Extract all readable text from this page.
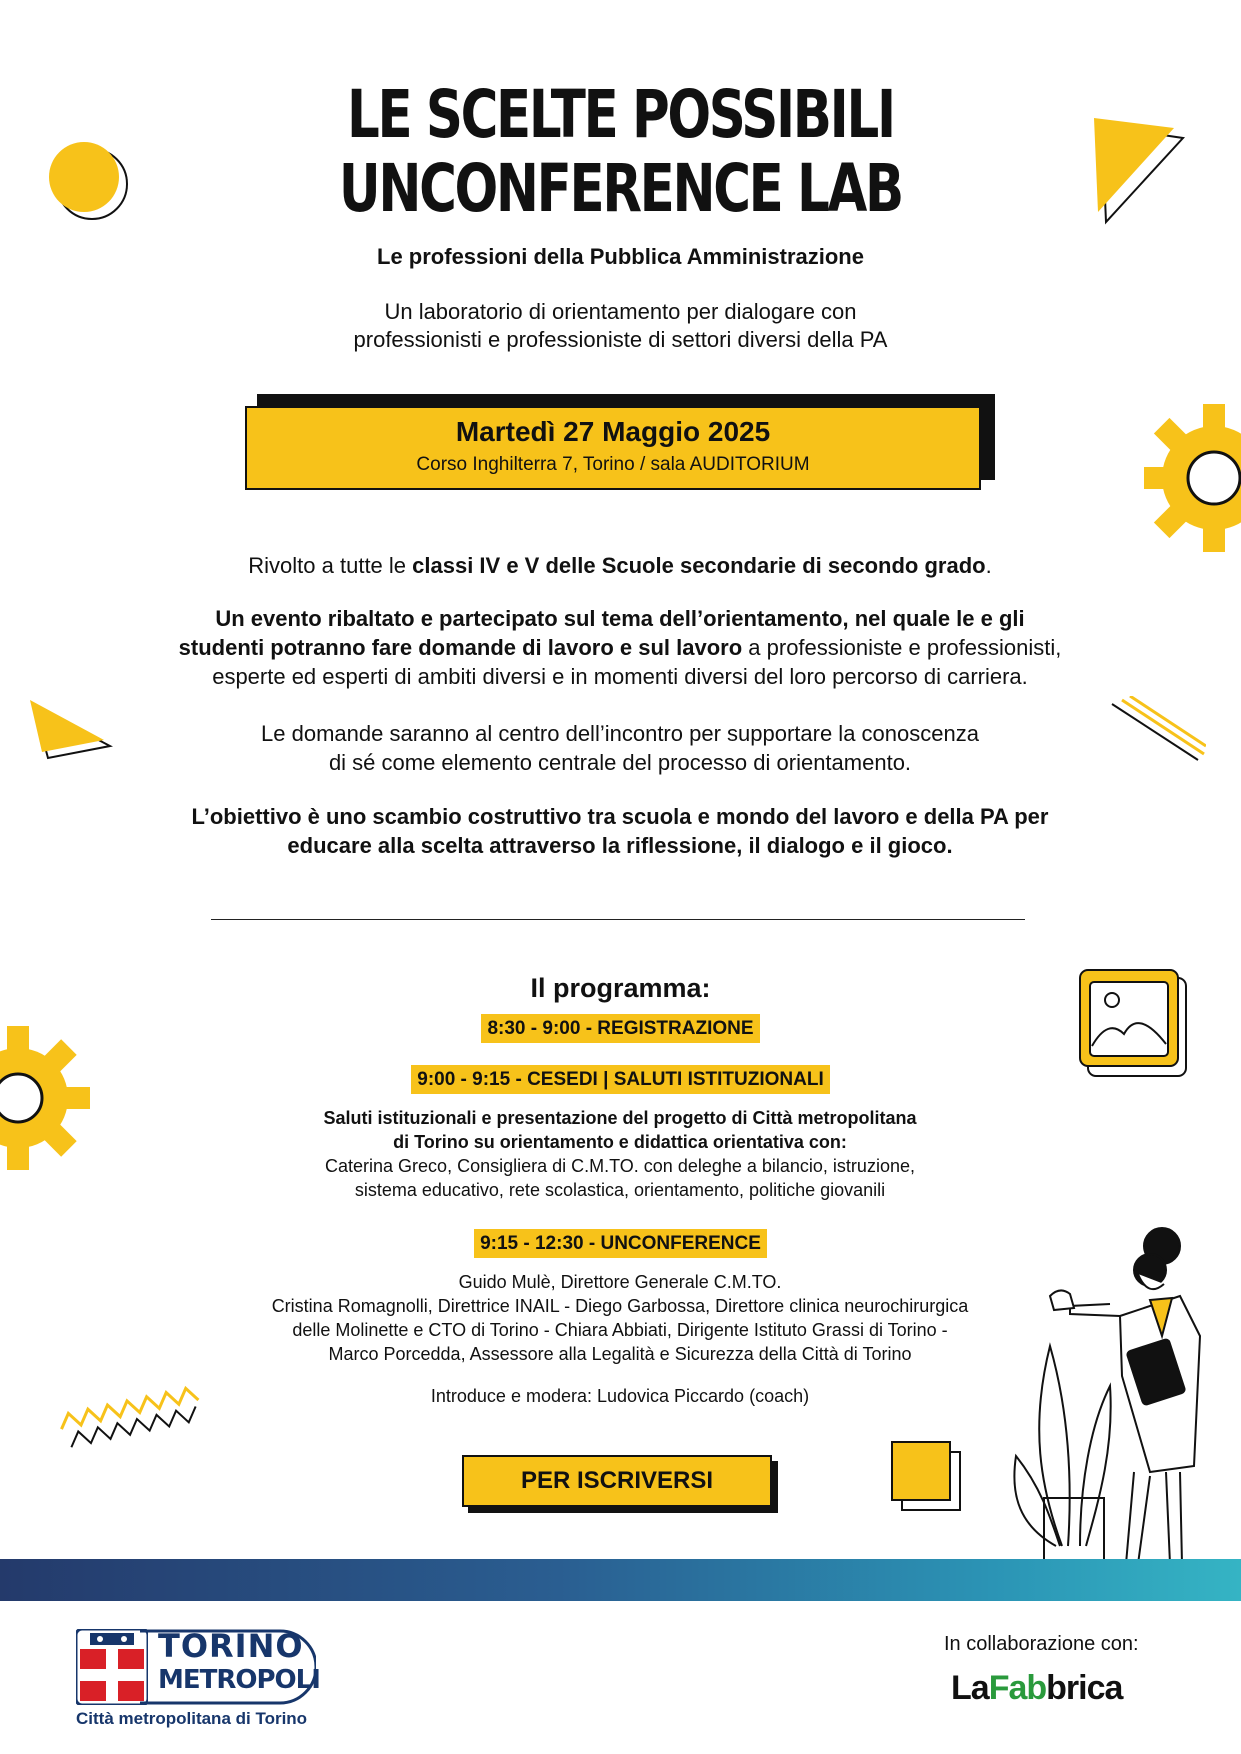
LE SCELTE POSSIBILI
UNCONFERENCE LAB
Le professioni della Pubblica Amministrazione
Un laboratorio di orientamento per dialogare con
professionisti e professioniste di settori diversi della PA
Martedì 27 Maggio 2025
Corso Inghilterra 7, Torino / sala AUDITORIUM
Rivolto a tutte le classi IV e V delle Scuole secondarie di secondo grado.
Un evento ribaltato e partecipato sul tema dell’orientamento, nel quale le e gli
studenti potranno fare domande di lavoro e sul lavoro a professioniste e professionisti,
esperte ed esperti di ambiti diversi e in momenti diversi del loro percorso di carriera.
Le domande saranno al centro dell’incontro per supportare la conoscenza
di sé come elemento centrale del processo di orientamento.
L’obiettivo è uno scambio costruttivo tra scuola e mondo del lavoro e della PA per
educare alla scelta attraverso la riflessione, il dialogo e il gioco.
Il programma:
8:30 - 9:00 - REGISTRAZIONE
9:00 - 9:15 - CESEDI | SALUTI ISTITUZIONALI
Saluti istituzionali e presentazione del progetto di Città metropolitana
di Torino su orientamento e didattica orientativa con:
Caterina Greco, Consigliera di C.M.TO. con deleghe a bilancio, istruzione,
sistema educativo, rete scolastica, orientamento, politiche giovanili
9:15 - 12:30 - UNCONFERENCE
Guido Mulè, Direttore Generale C.M.TO.
Cristina Romagnolli, Direttrice INAIL - Diego Garbossa, Direttore clinica neurochirurgica
delle Molinette e CTO di Torino - Chiara Abbiati, Dirigente Istituto Grassi di Torino -
Marco Porcedda, Assessore alla Legalità e Sicurezza della Città di Torino
Introduce e modera: Ludovica Piccardo (coach)
PER ISCRIVERSI
TORINO
METROPOLI
Città metropolitana di Torino
In collaborazione con:
LaFabbrica
